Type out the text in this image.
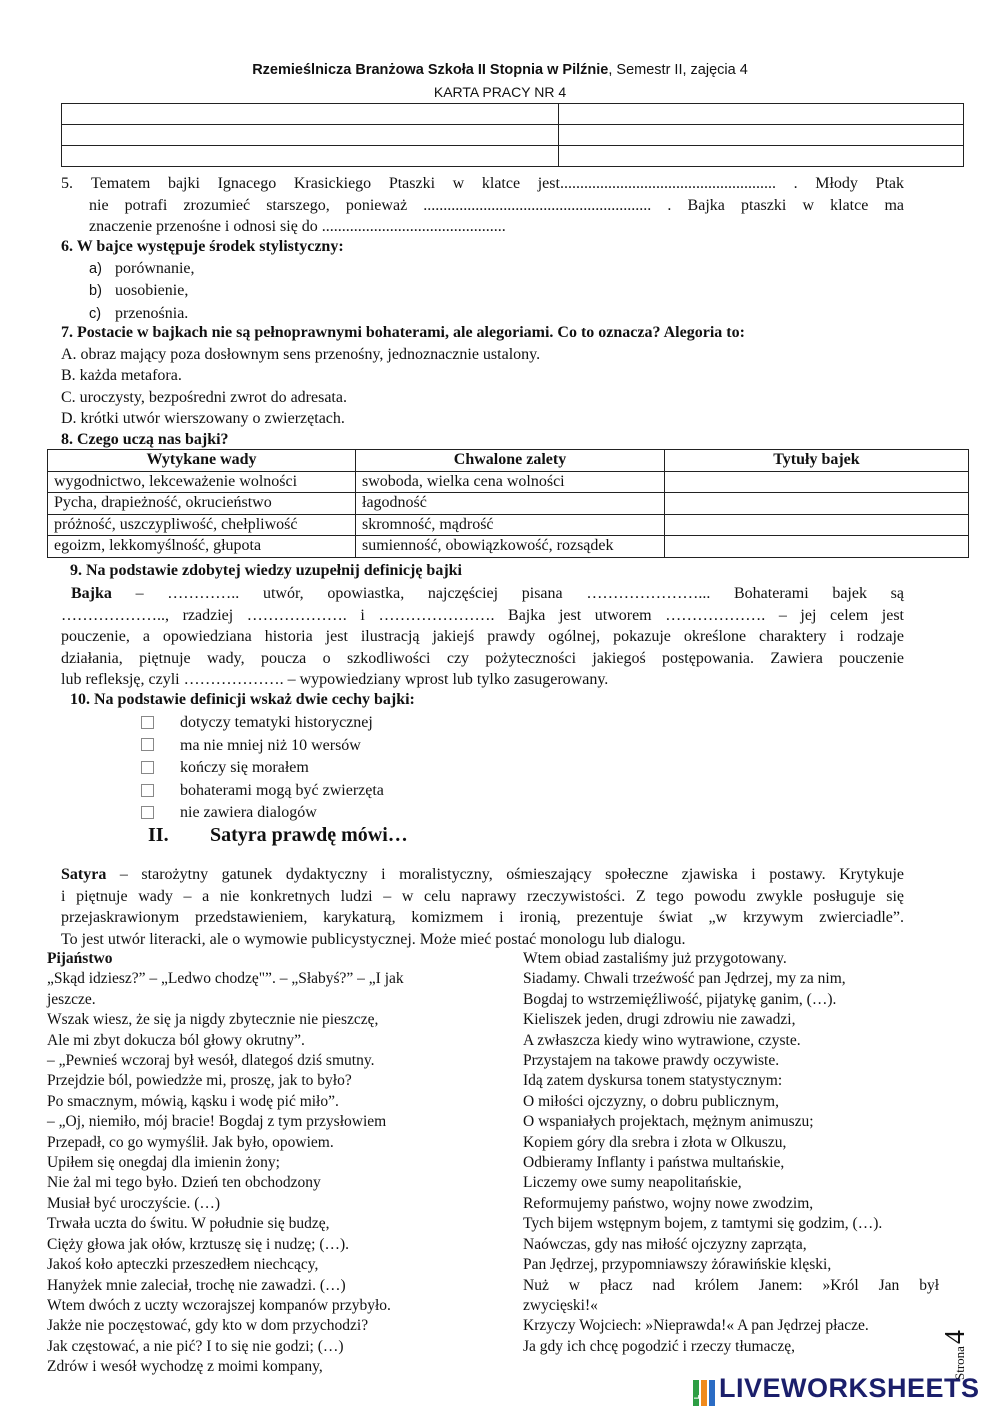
Rzemieślnicza Branżowa Szkoła II Stopnia w Pilźnie, Semestr II, zajęcia 4
KARTA PRACY NR 4

5. Tematem bajki Ignacego Krasickiego Ptaszki w klatce jest...................................................... . Młody Ptak
nie potrafi zrozumieć starszego, ponieważ ......................................................... . Bajka ptaszki w klatce ma
znaczenie przenośne i odnosi się do ..............................................
6. W bajce występuje środek stylistyczny:
a) porównanie,
b) uosobienie,
c) przenośnia.
7. Postacie w bajkach nie są pełnoprawnymi bohaterami, ale alegoriami. Co to oznacza? Alegoria to:
A. obraz mający poza dosłownym sens przenośny, jednoznacznie ustalony.
B. każda metafora.
C. uroczysty, bezpośredni zwrot do adresata.
D. krótki utwór wierszowany o zwierzętach.
8. Czego uczą nas bajki?
Wytykane wady	Chwalone zalety	Tytuły bajek
wygodnictwo, lekceważenie wolności	swoboda, wielka cena wolności	
Pycha, drapieżność, okrucieństwo	łagodność	
próżność, uszczypliwość, chełpliwość	skromność, mądrość	
egoizm, lekkomyślność, głupota	sumienność, obowiązkowość, rozsądek	
9. Na podstawie zdobytej wiedzy uzupełnij definicję bajki
Bajka – ………….. utwór, opowiastka, najczęściej pisana …………………... Bohaterami bajek są
……………….., rzadziej ………………. i …………………. Bajka jest utworem ………………. – jej celem jest
pouczenie, a opowiedziana historia jest ilustracją jakiejś prawdy ogólnej, pokazuje określone charaktery i rodzaje
działania, piętnuje wady, poucza o szkodliwości czy pożyteczności jakiegoś postępowania. Zawiera pouczenie
lub refleksję, czyli ………………. – wypowiedziany wprost lub tylko zasugerowany.
10. Na podstawie definicji wskaż dwie cechy bajki:
dotyczy tematyki historycznej
ma nie mniej niż 10 wersów
kończy się morałem
bohaterami mogą być zwierzęta
nie zawiera dialogów
II. Satyra prawdę mówi…
Satyra – starożytny gatunek dydaktyczny i moralistyczny, ośmieszający społeczne zjawiska i postawy. Krytykuje
i piętnuje wady – a nie konkretnych ludzi – w celu naprawy rzeczywistości. Z tego powodu zwykle posługuje się
przejaskrawionym przedstawieniem, karykaturą, komizmem i ironią, prezentuje świat „w krzywym zwierciadle”.
To jest utwór literacki, ale o wymowie publicystycznej. Może mieć postać monologu lub dialogu.
Pijaństwo
„Skąd idziesz?” – „Ledwo chodzę"”. – „Słabyś?” – „I jak
jeszcze.
Wszak wiesz, że się ja nigdy zbytecznie nie pieszczę,
Ale mi zbyt dokucza ból głowy okrutny”.
– „Pewnieś wczoraj był wesół, dlategoś dziś smutny.
Przejdzie ból, powiedzże mi, proszę, jak to było?
Po smacznym, mówią, kąsku i wodę pić miło”.
– „Oj, niemiło, mój bracie! Bogdaj z tym przysłowiem
Przepadł, co go wymyślił. Jak było, opowiem.
Upiłem się onegdaj dla imienin żony;
Nie żal mi tego było. Dzień ten obchodzony
Musiał być uroczyście. (…)
Trwała uczta do świtu. W południe się budzę,
Cięży głowa jak ołów, krztuszę się i nudzę; (…).
Jakoś koło apteczki przeszedłem niechcący,
Hanyżek mnie zaleciał, trochę nie zawadzi. (…)
Wtem dwóch z uczty wczorajszej kompanów przybyło.
Jakże nie poczęstować, gdy kto w dom przychodzi?
Jak częstować, a nie pić? I to się nie godzi; (…)
Zdrów i wesół wychodzę z moimi kompany,
Wtem obiad zastaliśmy już przygotowany.
Siadamy. Chwali trzeźwość pan Jędrzej, my za nim,
Bogdaj to wstrzemięźliwość, pijatykę ganim, (…).
Kieliszek jeden, drugi zdrowiu nie zawadzi,
A zwłaszcza kiedy wino wytrawione, czyste.
Przystajem na takowe prawdy oczywiste.
Idą zatem dyskursa tonem statystycznym:
O miłości ojczyzny, o dobru publicznym,
O wspaniałych projektach, mężnym animuszu;
Kopiem góry dla srebra i złota w Olkuszu,
Odbieramy Inflanty i państwa multańskie,
Liczemy owe sumy neapolitańskie,
Reformujemy państwo, wojny nowe zwodzim,
Tych bijem wstępnym bojem, z tamtymi się godzim, (…).
Naówczas, gdy nas miłość ojczyzny zaprząta,
Pan Jędrzej, przypomniawszy żórawińskie klęski,
Nuż w płacz nad królem Janem: »Król Jan był
zwycięski!«
Krzyczy Wojciech: »Nieprawda!« A pan Jędrzej płacze.
Ja gdy ich chcę pogodzić i rzeczy tłumaczę,	Strona4
L LIVEWORKSHEETS
